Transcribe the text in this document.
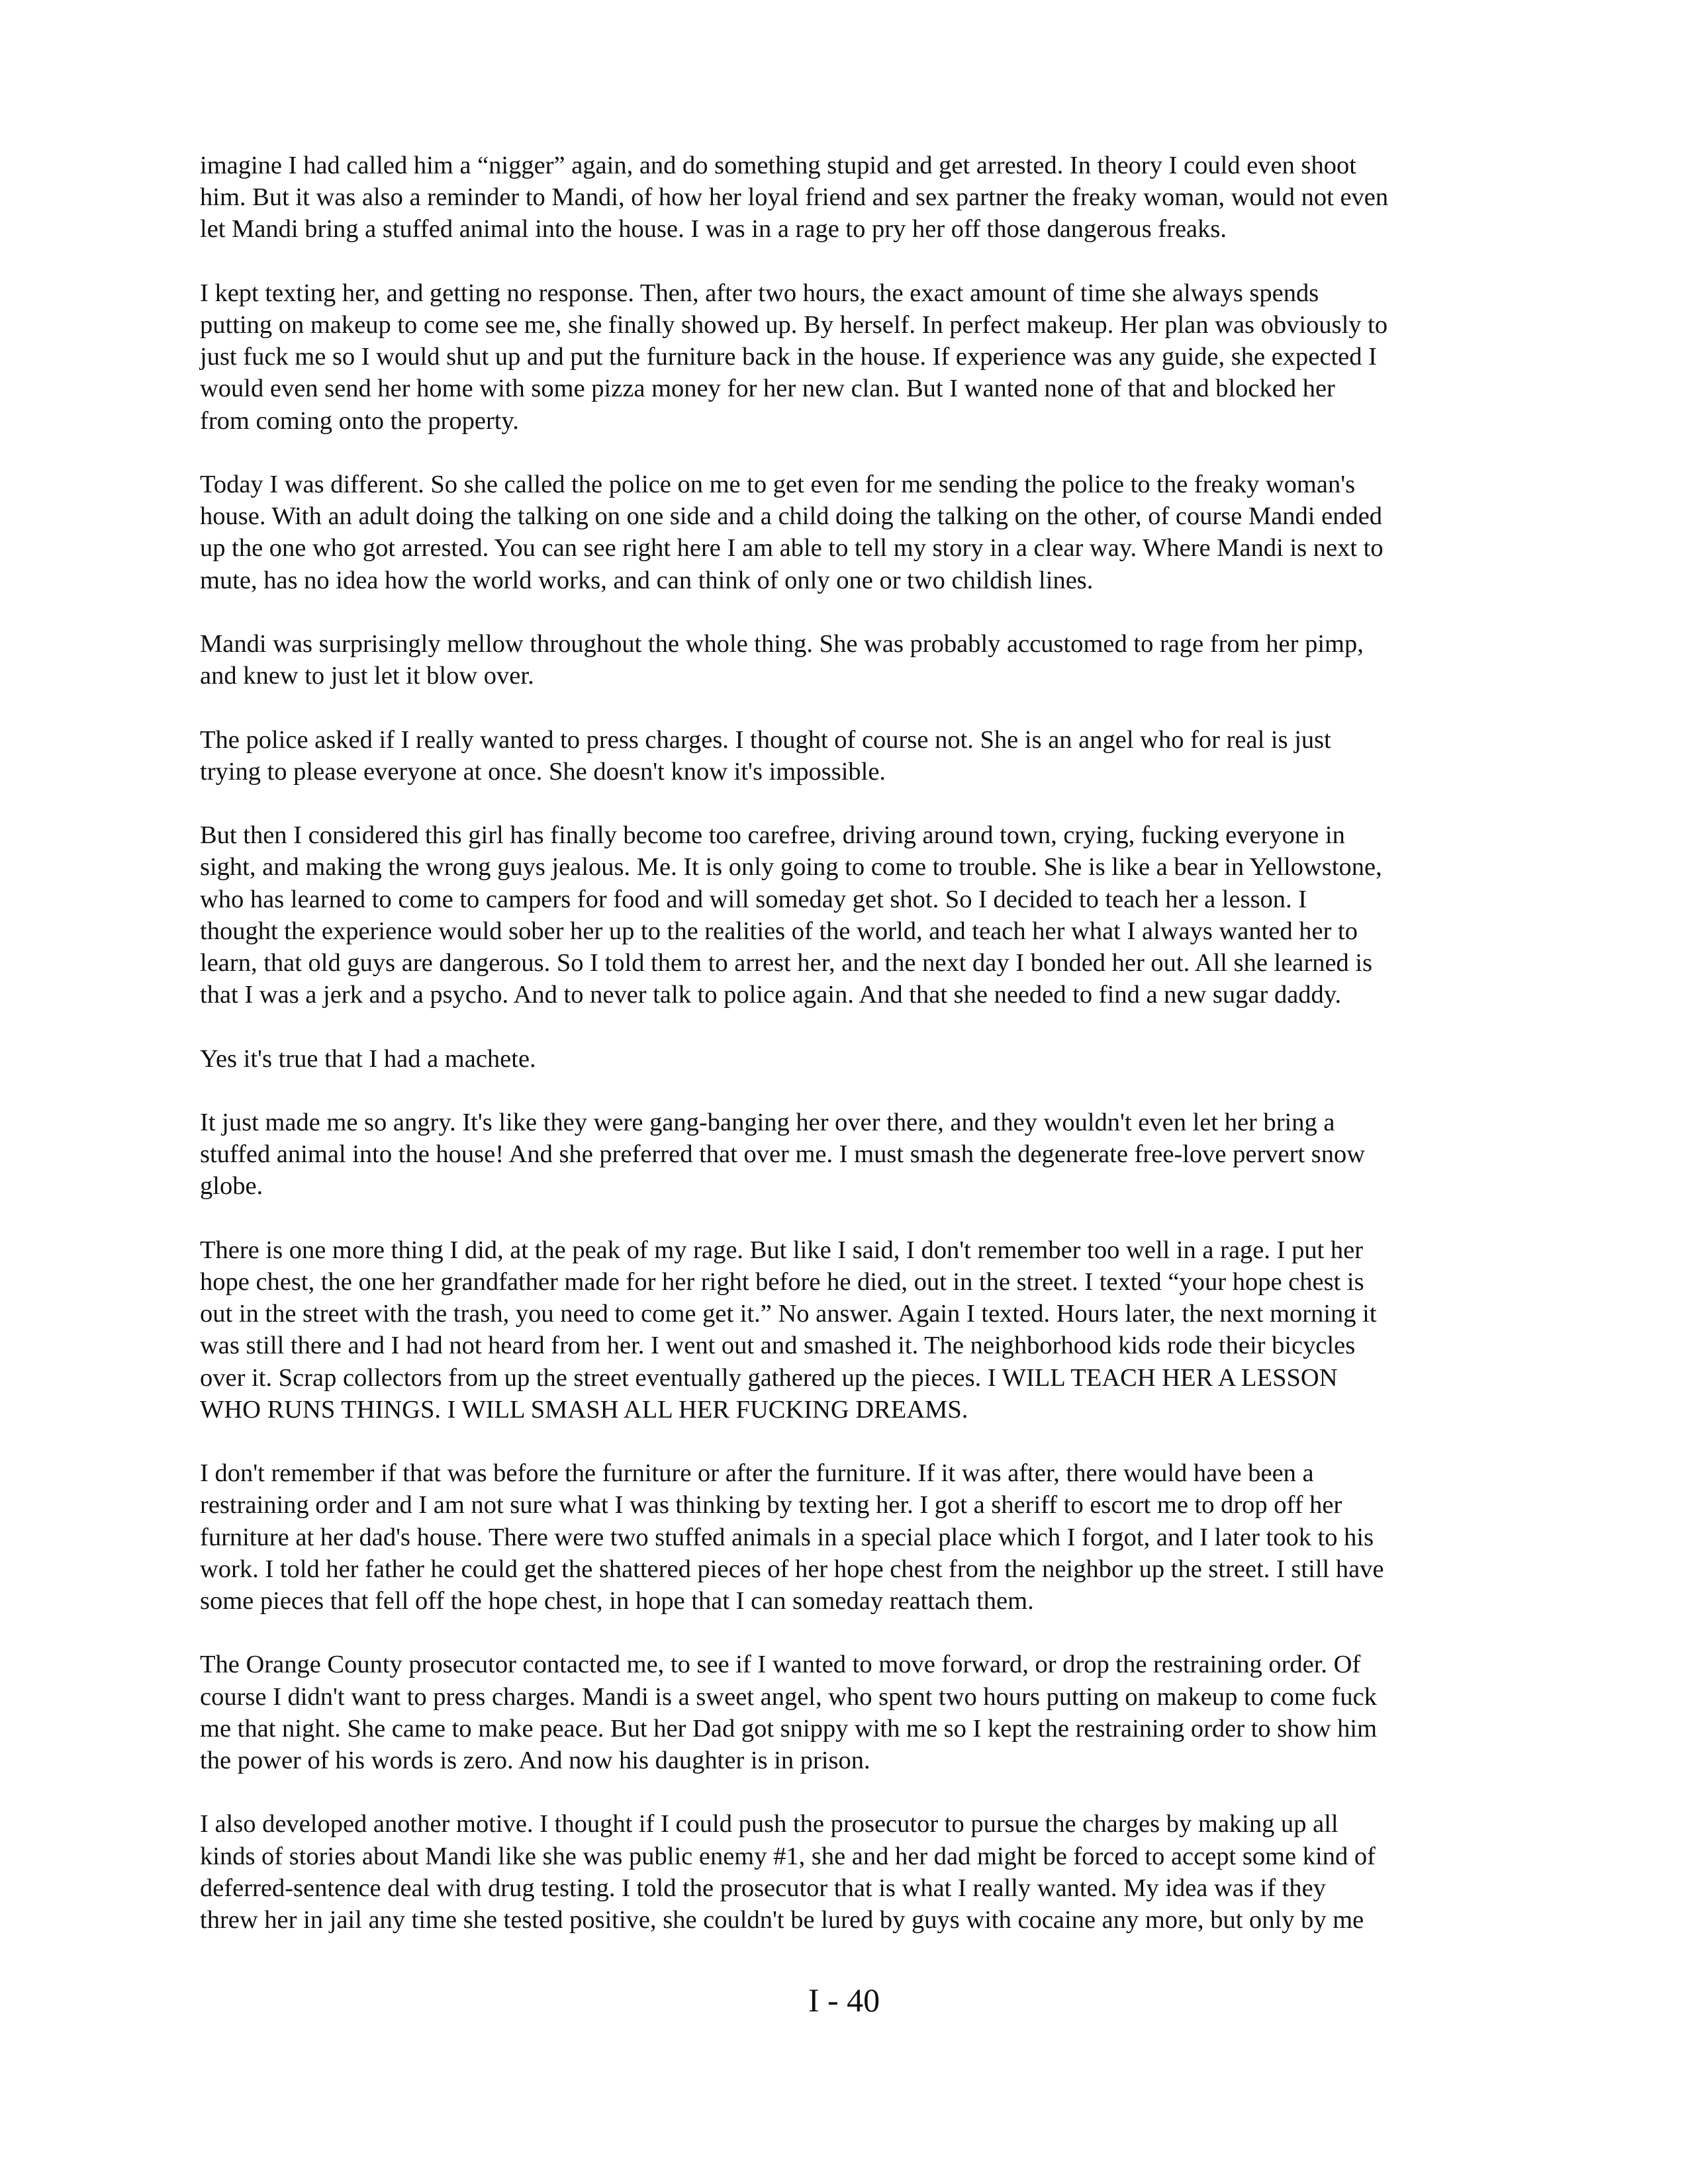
imagine I had called him a “nigger” again, and do something stupid and get arrested. In theory I could even shoot
him. But it was also a reminder to Mandi, of how her loyal friend and sex partner the freaky woman, would not even
let Mandi bring a stuffed animal into the house. I was in a rage to pry her off those dangerous freaks.

I kept texting her, and getting no response. Then, after two hours, the exact amount of time she always spends
putting on makeup to come see me, she finally showed up. By herself. In perfect makeup. Her plan was obviously to
just fuck me so I would shut up and put the furniture back in the house. If experience was any guide, she expected I
would even send her home with some pizza money for her new clan. But I wanted none of that and blocked her
from coming onto the property.

Today I was different. So she called the police on me to get even for me sending the police to the freaky woman's
house. With an adult doing the talking on one side and a child doing the talking on the other, of course Mandi ended
up the one who got arrested. You can see right here I am able to tell my story in a clear way. Where Mandi is next to
mute, has no idea how the world works, and can think of only one or two childish lines.

Mandi was surprisingly mellow throughout the whole thing. She was probably accustomed to rage from her pimp,
and knew to just let it blow over.

The police asked if I really wanted to press charges. I thought of course not. She is an angel who for real is just
trying to please everyone at once. She doesn't know it's impossible.

But then I considered this girl has finally become too carefree, driving around town, crying, fucking everyone in
sight, and making the wrong guys jealous. Me. It is only going to come to trouble. She is like a bear in Yellowstone,
who has learned to come to campers for food and will someday get shot. So I decided to teach her a lesson. I
thought the experience would sober her up to the realities of the world, and teach her what I always wanted her to
learn, that old guys are dangerous. So I told them to arrest her, and the next day I bonded her out. All she learned is
that I was a jerk and a psycho. And to never talk to police again. And that she needed to find a new sugar daddy.

Yes it's true that I had a machete.

It just made me so angry. It's like they were gang-banging her over there, and they wouldn't even let her bring a
stuffed animal into the house! And she preferred that over me. I must smash the degenerate free-love pervert snow
globe.

There is one more thing I did, at the peak of my rage. But like I said, I don't remember too well in a rage. I put her
hope chest, the one her grandfather made for her right before he died, out in the street. I texted “your hope chest is
out in the street with the trash, you need to come get it.” No answer. Again I texted. Hours later, the next morning it
was still there and I had not heard from her. I went out and smashed it. The neighborhood kids rode their bicycles
over it. Scrap collectors from up the street eventually gathered up the pieces. I WILL TEACH HER A LESSON
WHO RUNS THINGS. I WILL SMASH ALL HER FUCKING DREAMS.

I don't remember if that was before the furniture or after the furniture. If it was after, there would have been a
restraining order and I am not sure what I was thinking by texting her. I got a sheriff to escort me to drop off her
furniture at her dad's house. There were two stuffed animals in a special place which I forgot, and I later took to his
work. I told her father he could get the shattered pieces of her hope chest from the neighbor up the street. I still have
some pieces that fell off the hope chest, in hope that I can someday reattach them.

The Orange County prosecutor contacted me, to see if I wanted to move forward, or drop the restraining order. Of
course I didn't want to press charges. Mandi is a sweet angel, who spent two hours putting on makeup to come fuck
me that night. She came to make peace. But her Dad got snippy with me so I kept the restraining order to show him
the power of his words is zero. And now his daughter is in prison.

I also developed another motive. I thought if I could push the prosecutor to pursue the charges by making up all
kinds of stories about Mandi like she was public enemy #1, she and her dad might be forced to accept some kind of
deferred-sentence deal with drug testing. I told the prosecutor that is what I really wanted. My idea was if they
threw her in jail any time she tested positive, she couldn't be lured by guys with cocaine any more, but only by me

I - 40
